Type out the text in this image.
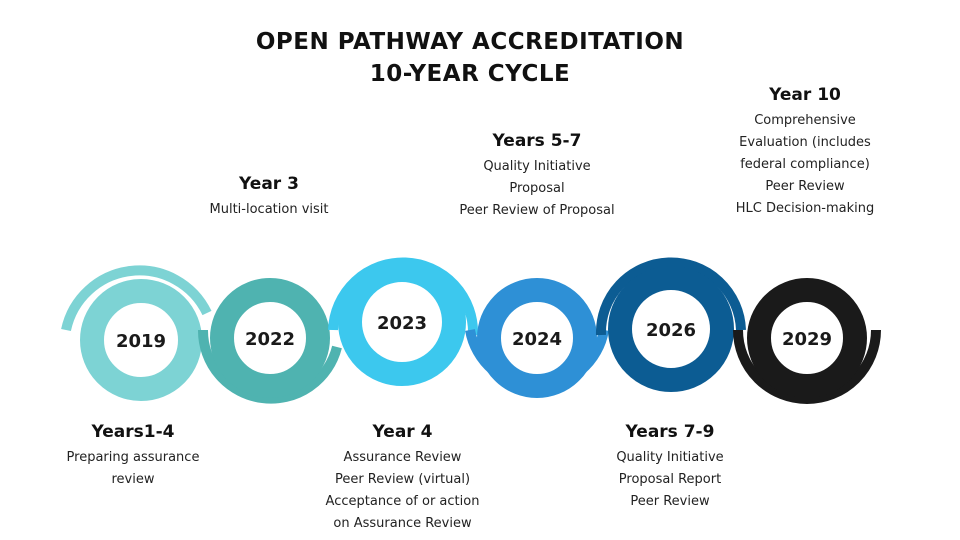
OPEN PATHWAY ACCREDITATION
10-YEAR CYCLE
2019	2022
2023
2024	2026	2029
Year 3
Multi-location visit
Years 5-7
Quality Initiative
Proposal
Peer Review of Proposal
Year 10
Comprehensive
Evaluation (includes
federal compliance)
Peer Review
HLC Decision-making
Years1-4
Preparing assurance
review
Year 4
Assurance Review
Peer Review (virtual)
Acceptance of or action
on Assurance Review
Years 7-9
Quality Initiative
Proposal Report
Peer Review
